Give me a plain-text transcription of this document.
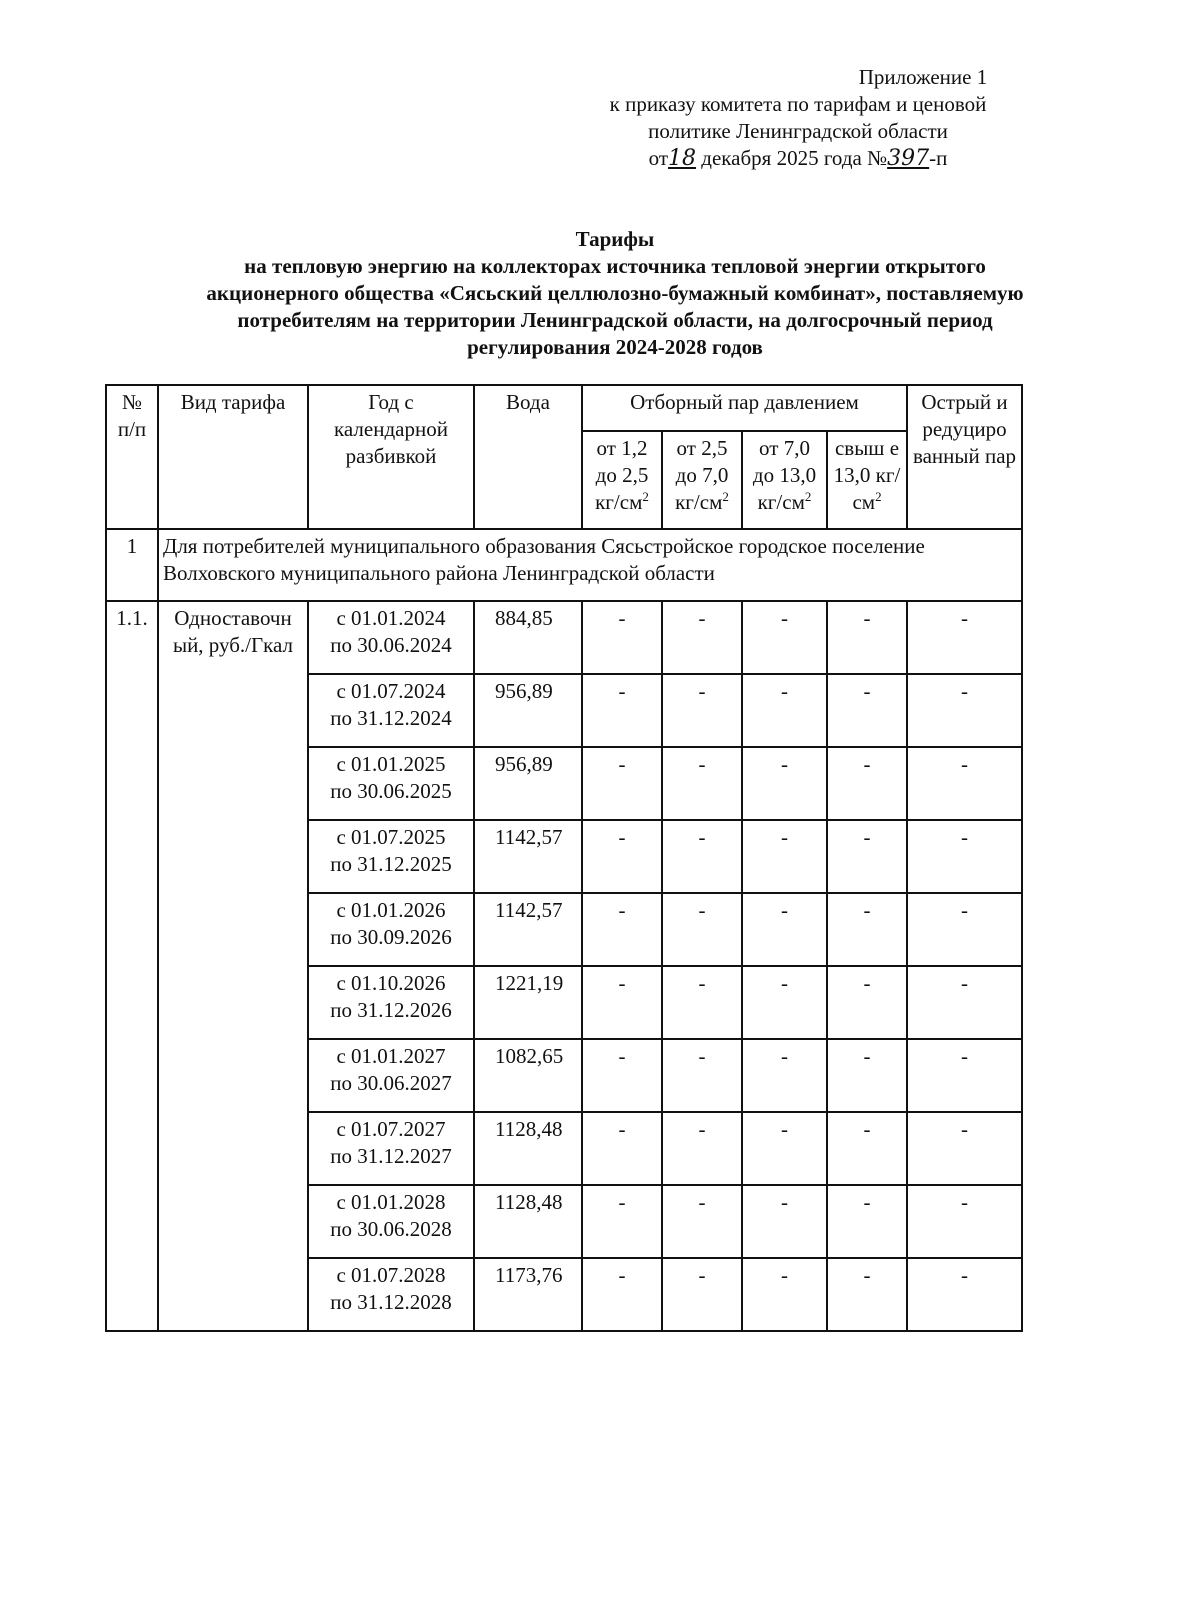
Приложение 1
к приказу комитета по тарифам и ценовой
политике Ленинградской области
от18 декабря 2025 года №397-п
Тарифы
на тепловую энергию на коллекторах источника тепловой энергии открытого
акционерного общества «Сясьский целлюлозно-бумажный комбинат», поставляемую
потребителям на территории Ленинградской области, на долгосрочный период
регулирования 2024-2028 годов
№ п/п	Вид тарифа	Год с календарной разбивкой	Вода	Отборный пар давлением				Острый и редуциро ванный пар
				от 1,2 до 2,5 $кг/см^2$	от 2,5 до 7,0 $кг/см^2$	от 7,0 до 13,0 $кг/см^2$	свыш е 13,0 $кг/см^2$
1	Для потребителей муниципального образования Сясьстройское городское поселение Волховского муниципального района Ленинградской области							
1.1.	Одноставочн ый, руб./Гкал	с 01.01.2024
по 30.06.2024	884,85	-	-	-	-	-

		с 01.07.2024
по 31.12.2024	956,89	-	-	-	-	-

		с 01.01.2025
по 30.06.2025	956,89	-	-	-	-	-

		с 01.07.2025
по 31.12.2025	1142,57	-	-	-	-	-

		с 01.01.2026
по 30.09.2026	1142,57	-	-	-	-	-

		с 01.10.2026
по 31.12.2026	1221,19	-	-	-	-	-

		с 01.01.2027
по 30.06.2027	1082,65	-	-	-	-	-

		с 01.07.2027
по 31.12.2027	1128,48	-	-	-	-	-

		с 01.01.2028
по 30.06.2028	1128,48	-	-	-	-	-

		с 01.07.2028
по 31.12.2028	1173,76	-	-	-	-	-
